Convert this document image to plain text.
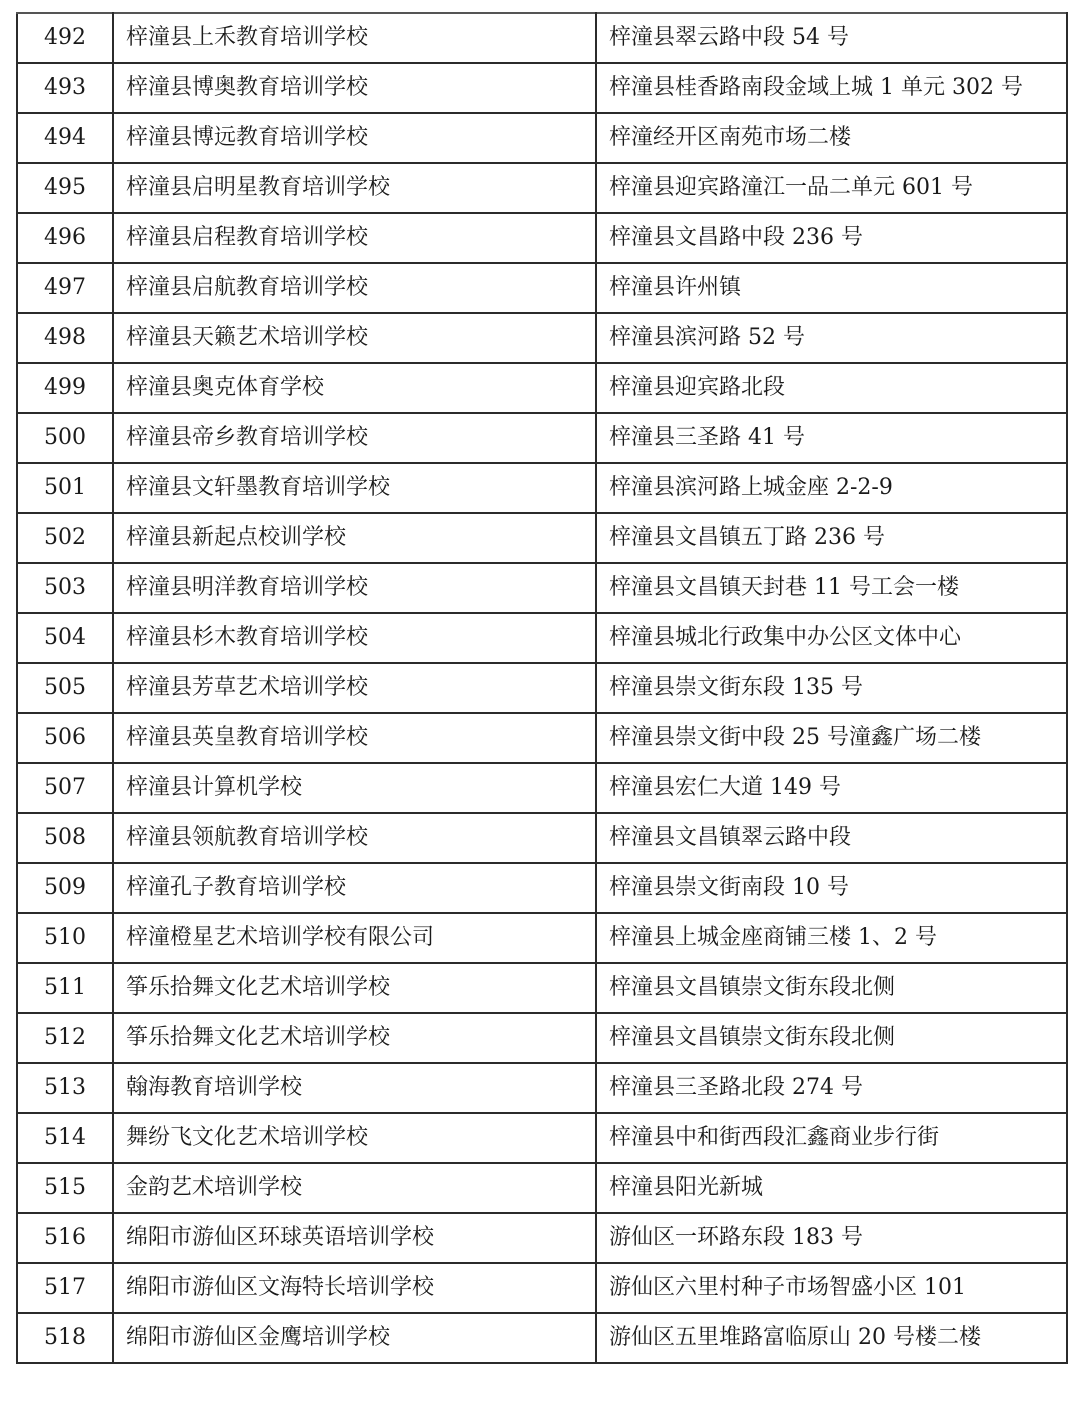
492	梓潼县上禾教育培训学校	梓潼县翠云路中段 54 号
493	梓潼县博奥教育培训学校	梓潼县桂香路南段金域上城 1 单元 302 号
494	梓潼县博远教育培训学校	梓潼经开区南苑市场二楼
495	梓潼县启明星教育培训学校	梓潼县迎宾路潼江一品二单元 601 号
496	梓潼县启程教育培训学校	梓潼县文昌路中段 236 号
497	梓潼县启航教育培训学校	梓潼县许州镇
498	梓潼县天籁艺术培训学校	梓潼县滨河路 52 号
499	梓潼县奥克体育学校	梓潼县迎宾路北段
500	梓潼县帝乡教育培训学校	梓潼县三圣路 41 号
501	梓潼县文轩墨教育培训学校	梓潼县滨河路上城金座 2-2-9
502	梓潼县新起点校训学校	梓潼县文昌镇五丁路 236 号
503	梓潼县明洋教育培训学校	梓潼县文昌镇天封巷 11 号工会一楼
504	梓潼县杉木教育培训学校	梓潼县城北行政集中办公区文体中心
505	梓潼县芳草艺术培训学校	梓潼县崇文街东段 135 号
506	梓潼县英皇教育培训学校	梓潼县崇文街中段 25 号潼鑫广场二楼
507	梓潼县计算机学校	梓潼县宏仁大道 149 号
508	梓潼县领航教育培训学校	梓潼县文昌镇翠云路中段
509	梓潼孔子教育培训学校	梓潼县崇文街南段 10 号
510	梓潼橙星艺术培训学校有限公司	梓潼县上城金座商铺三楼 1、2 号
511	筝乐拾舞文化艺术培训学校	梓潼县文昌镇崇文街东段北侧
512	筝乐拾舞文化艺术培训学校	梓潼县文昌镇崇文街东段北侧
513	翰海教育培训学校	梓潼县三圣路北段 274 号
514	舞纷飞文化艺术培训学校	梓潼县中和街西段汇鑫商业步行街
515	金韵艺术培训学校	梓潼县阳光新城
516	绵阳市游仙区环球英语培训学校	游仙区一环路东段 183 号
517	绵阳市游仙区文海特长培训学校	游仙区六里村种子市场智盛小区 101
518	绵阳市游仙区金鹰培训学校	游仙区五里堆路富临原山 20 号楼二楼
